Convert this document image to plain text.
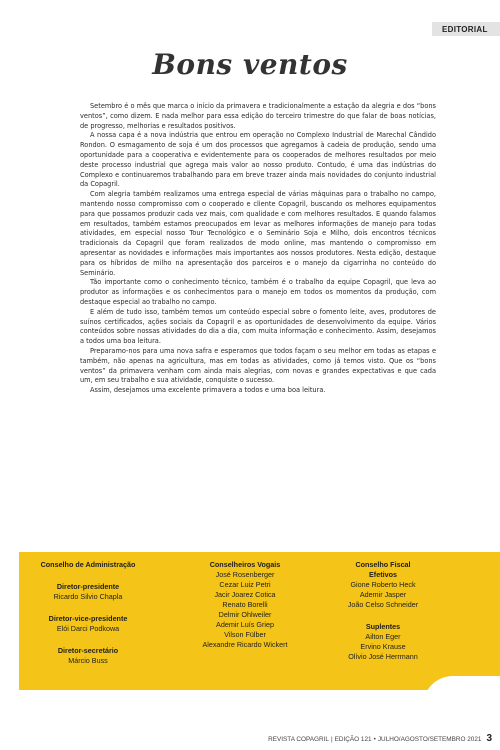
EDITORIAL
Bons ventos

Setembro é o mês que marca o início da primavera e tradicionalmente a estação da alegria e dos “bons ventos”, como dizem. E nada melhor para essa edição do terceiro trimestre do que falar de boas notícias, de progresso, melhorias e resultados positivos.

A nossa capa é a nova indústria que entrou em operação no Complexo Industrial de Marechal Cândido Rondon. O esmagamento de soja é um dos processos que agregamos à cadeia de produção, sendo uma oportunidade para a cooperativa e evidentemente para os cooperados de melhores resultados por meio deste processo industrial que agrega mais valor ao nosso produto. Contudo, é uma das indústrias do Complexo e continuaremos trabalhando para em breve trazer ainda mais novidades do conjunto industrial da Copagril.

Com alegria também realizamos uma entrega especial de várias máquinas para o trabalho no campo, mantendo nosso compromisso com o cooperado e cliente Copagril, buscando os melhores equipamentos para que possamos produzir cada vez mais, com qualidade e com melhores resultados. E quando falamos em resultados, também estamos preocupados em levar as melhores informações de manejo para todas atividades, em especial nosso Tour Tecnológico e o Seminário Soja e Milho, dois encontros técnicos tradicionais da Copagril que foram realizados de modo online, mas mantendo o compromisso em apresentar as novidades e informações mais importantes aos nossos produtores. Nesta edição, destaque para os híbridos de milho na apresentação dos parceiros e o manejo da cigarrinha no conteúdo do Seminário.

Tão importante como o conhecimento técnico, também é o trabalho da equipe Copagril, que leva ao produtor as informações e os conhecimentos para o manejo em todos os momentos da produção, com destaque especial ao trabalho no campo.

E além de tudo isso, também temos um conteúdo especial sobre o fomento leite, aves, produtores de suínos certificados, ações sociais da Copagril e as oportunidades de desenvolvimento da equipe. Vários conteúdos sobre nossas atividades do dia a dia, com muita informação e conhecimento. Assim, desejamos a todos uma boa leitura.

Preparamo-nos para uma nova safra e esperamos que todos façam o seu melhor em todas as etapas e também, não apenas na agricultura, mas em todas as atividades, como já temos visto. Que os “bons ventos” da primavera venham com ainda mais alegrias, com novas e grandes expectativas e que cada um, em seu trabalho e sua atividade, conquiste o sucesso.

Assim, desejamos uma excelente primavera a todos e uma boa leitura.

Conselho de Administração
Diretor-presidente
Ricardo Silvio Chapla
Diretor-vice-presidente
Elói Darci Podkowa
Diretor-secretário
Márcio Buss
Conselheiros Vogais
José Rosenberger
Cezar Luiz Petri
Jacir Joarez Cotica
Renato Borelli
Delmir Ohlweiler
Ademir Luís Griep
Vilson Fülber
Alexandre Ricardo Wickert
Conselho Fiscal
Efetivos
Gione Roberto Heck
Ademir Jasper
João Celso Schneider
Suplentes
Ailton Eger
Ervino Krause
Olívio José Herrmann
REVISTA COPAGRIL | EDIÇÃO 121 • JULHO/AGOSTO/SETEMBRO 2021 3
